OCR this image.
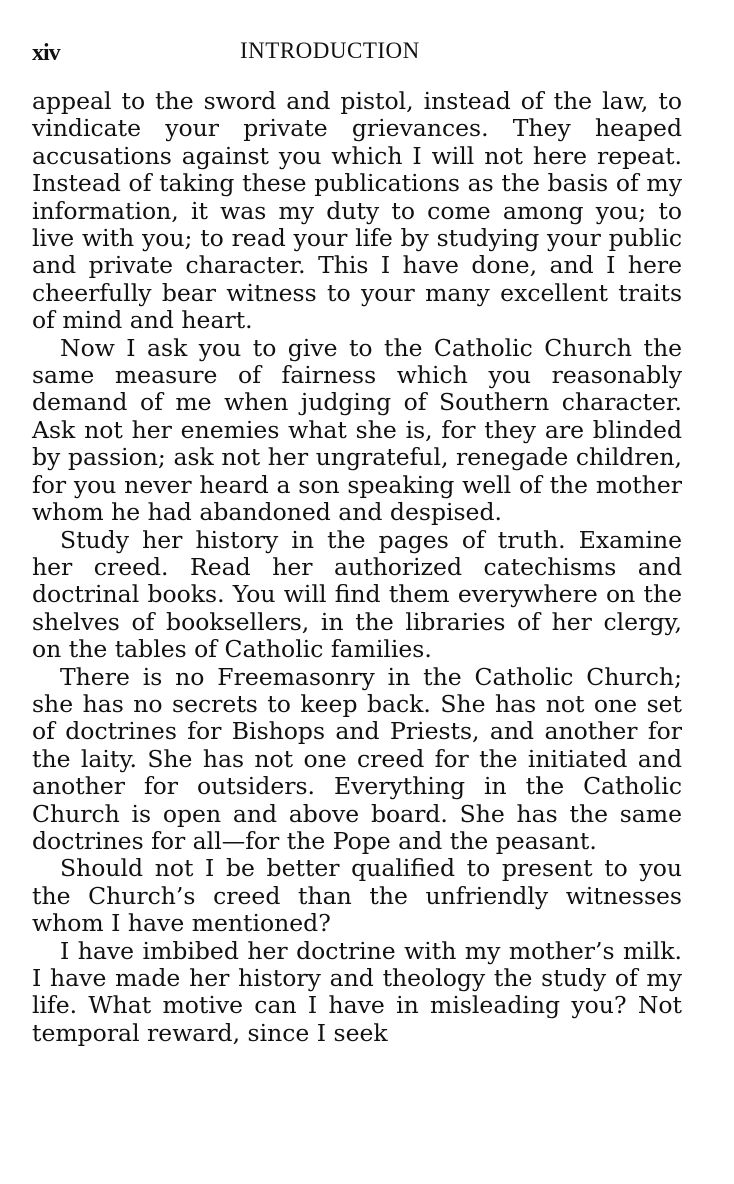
xiv	INTRODUCTION

appeal to the sword and pistol, instead of the law, to vindicate your private grievances. They heaped accusations against you which I will not here repeat. Instead of taking these publications as the basis of my information, it was my duty to come among you; to live with you; to read your life by studying your public and private character. This I have done, and I here cheerfully bear witness to your many excellent traits of mind and heart.

Now I ask you to give to the Catholic Church the same measure of fairness which you reasonably demand of me when judging of Southern character. Ask not her enemies what she is, for they are blinded by passion; ask not her ungrateful, renegade children, for you never heard a son speaking well of the mother whom he had abandoned and despised.

Study her history in the pages of truth. Examine her creed. Read her authorized catechisms and doctrinal books. You will find them everywhere on the shelves of booksellers, in the libraries of her clergy, on the tables of Catholic families.

There is no Freemasonry in the Catholic Church; she has no secrets to keep back. She has not one set of doctrines for Bishops and Priests, and another for the laity. She has not one creed for the initiated and another for outsiders. Everything in the Catholic Church is open and above board. She has the same doctrines for all—for the Pope and the peasant.

Should not I be better qualified to present to you the Church’s creed than the unfriendly witnesses whom I have mentioned?

I have imbibed her doctrine with my mother’s milk. I have made her history and theology the study of my life. What motive can I have in misleading you? Not temporal reward, since I seek
